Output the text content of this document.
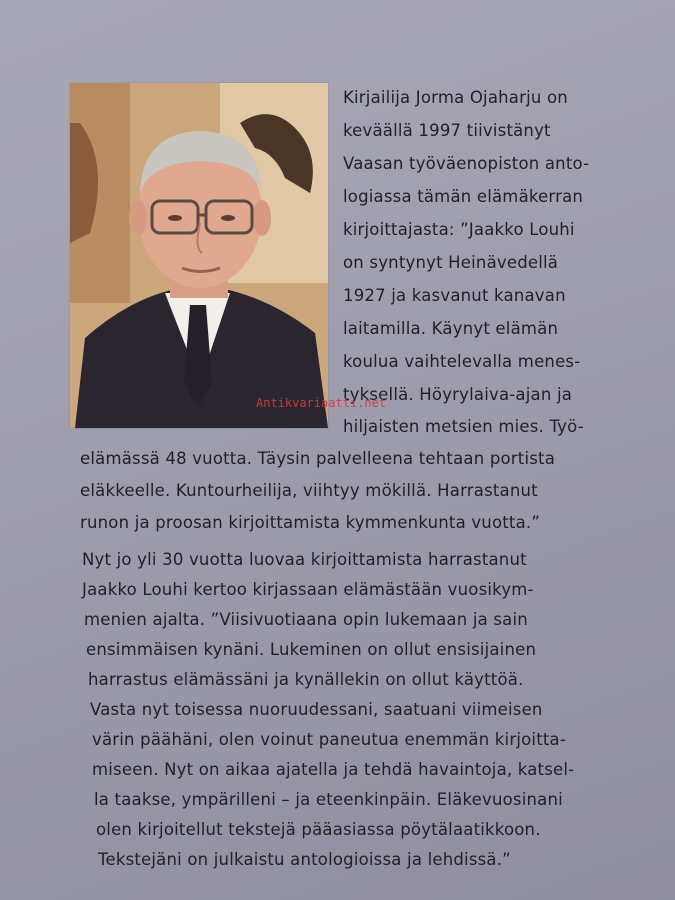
Kirjailija Jorma Ojaharju on
keväällä 1997 tiivistänyt
Vaasan työväenopiston anto-
logiassa tämän elämäkerran
kirjoittajasta: ”Jaakko Louhi
on syntynyt Heinävedellä
1927 ja kasvanut kanavan
laitamilla. Käynyt elämän
koulua vaihtelevalla menes-
tyksellä. Höyrylaiva-ajan ja
hiljaisten metsien mies. Työ-
elämässä 48 vuotta. Täysin palvelleena tehtaan portista
eläkkeelle. Kuntourheilija, viihtyy mökillä. Harrastanut
runon ja proosan kirjoittamista kymmenkunta vuotta.”
Nyt jo yli 30 vuotta luovaa kirjoittamista harrastanut
Jaakko Louhi kertoo kirjassaan elämästään vuosikym-
menien ajalta. ”Viisivuotiaana opin lukemaan ja sain
ensimmäisen kynäni. Lukeminen on ollut ensisijainen
harrastus elämässäni ja kynällekin on ollut käyttöä.
Vasta nyt toisessa nuoruudessani, saatuani viimeisen
värin päähäni, olen voinut paneutua enemmän kirjoitta-
miseen. Nyt on aikaa ajatella ja tehdä havaintoja, katsel-
la taakse, ympärilleni – ja eteenkinpäin. Eläkevuosinani
olen kirjoitellut tekstejä pääasiassa pöytälaatikkoon.
Tekstejäni on julkaistu antologioissa ja lehdissä.”
Antikvariaatti.net
